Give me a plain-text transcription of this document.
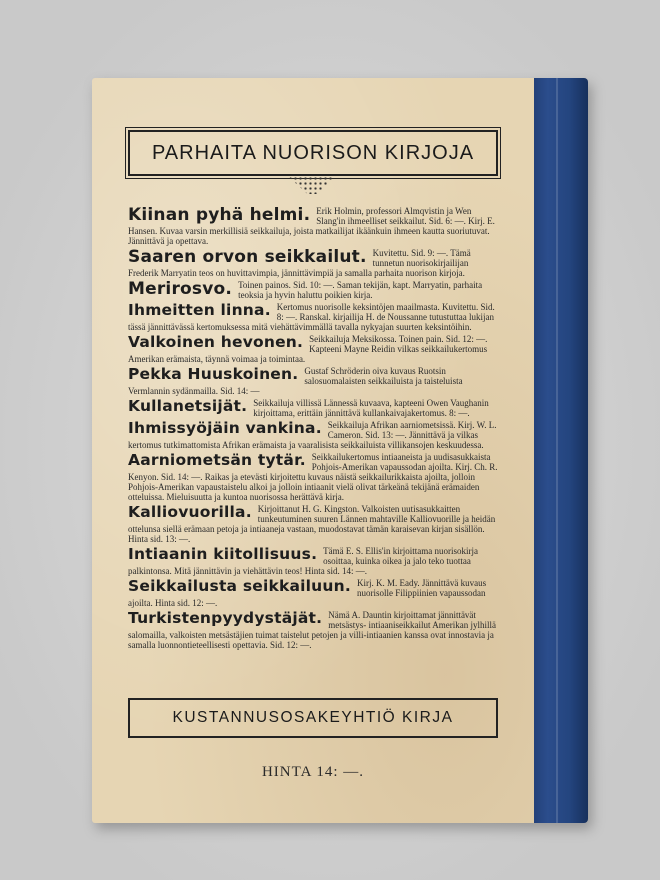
PARHAITA NUORISON KIRJOJA
Kiinan pyhä helmi. Erik Holmin, professori Almqvistin ja Wen Slang'in ihmeelliset seikkailut. Sid. 6: —. Kirj. E. Hansen. Kuvaa varsin merkillisiä seikkailuja, joista matkailijat ikäänkuin ihmeen kautta suoriutuvat. Jännittävä ja opettava.
Saaren orvon seikkailut. Kuvitettu. Sid. 9: —. Tämä tunnetun nuorisokirjailijan Frederik Marryatin teos on huvittavimpia, jännittävimpiä ja samalla parhaita nuorison kirjoja.
Merirosvo. Toinen painos. Sid. 10: —. Saman tekijän, kapt. Marryatin, parhaita teoksia ja hyvin haluttu poikien kirja.
Ihmeitten linna. Kertomus nuorisolle keksintöjen maailmasta. Kuvitettu. Sid. 8: —. Ranskal. kirjailija H. de Noussanne tutustuttaa lukijan tässä jännittävässä kertomuksessa mitä viehättävimmällä tavalla nykyajan suurten keksintöihin.
Valkoinen hevonen. Seikkailuja Meksikossa. Toinen pain. Sid. 12: —. Kapteeni Mayne Reidin vilkas seikkailukertomus Amerikan erämaista, täynnä voimaa ja toimintaa.
Pekka Huuskoinen. Gustaf Schröderin oiva kuvaus Ruotsin salosuomalaisten seikkailuista ja taisteluista Vermlannin sydänmailla. Sid. 14: —
Kullanetsijät. Seikkailuja villissä Lännessä kuvaava, kapteeni Owen Vaughanin kirjoittama, erittäin jännittävä kullankaivajakertomus. 8: —.
Ihmissyöjäin vankina. Seikkailuja Afrikan aarniometsissä. Kirj. W. L. Cameron. Sid. 13: —. Jännittävä ja vilkas kertomus tutkimattomista Afrikan erämaista ja vaaralisista seikkailuista villikansojen keskuudessa.
Aarniometsän tytär. Seikkailukertomus intiaaneista ja uudisasukkaista Pohjois-Amerikan vapaussodan ajoilta. Kirj. Ch. R. Kenyon. Sid. 14: —. Raikas ja etevästi kirjoitettu kuvaus näistä seikkailurikkaista ajoilta, jolloin Pohjois-Amerikan vapaustaistelu alkoi ja jolloin intiaanit vielä olivat tärkeänä tekijänä erämaiden otteluissa. Mieluisuutta ja kuntoa nuorisossa herättävä kirja.
Kalliovuorilla. Kirjoittanut H. G. Kingston. Valkoisten uutisasukkaitten tunkeutuminen suuren Lännen mahtaville Kalliovuorille ja heidän ottelunsa siellä erämaan petoja ja intiaaneja vastaan, muodostavat tämän karaisevan kirjan sisällön. Hinta sid. 13: —.
Intiaanin kiitollisuus. Tämä E. S. Ellis'in kirjoittama nuorisokirja osoittaa, kuinka oikea ja jalo teko tuottaa palkintonsa. Mitä jännittävin ja viehättävin teos! Hinta sid. 14: —.
Seikkailusta seikkailuun. Kirj. K. M. Eady. Jännittävä kuvaus nuorisolle Filippiinien vapaussodan ajoilta. Hinta sid. 12: —.
Turkistenpyydystäjät. Nämä A. Dauntin kirjoittamat jännittävät metsästys- intiaaniseikkailut Amerikan jylhillä salomailla, valkoisten metsästäjien tuimat taistelut petojen ja villi-intiaanien kanssa ovat innostavia ja samalla luonnontieteellisesti opettavia. Sid. 12: —.
KUSTANNUSOSAKEYHTIÖ KIRJA
HINTA 14: —.
